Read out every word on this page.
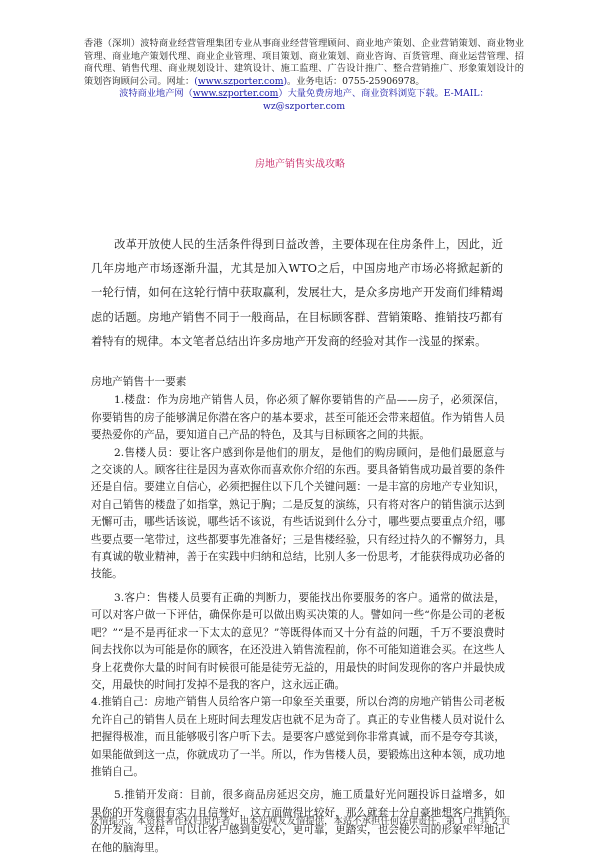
香港（深圳）波特商业经营管理集团专业从事商业经营管理顾问、商业地产策划、企业营销策划、商业物业管理、商业地产策划代理、商业企业管理、项目策划、商业策划、商业咨询、百货管理、商业运营管理、招商代理、销售代理、商业规划设计、建筑设计、施工监理、广告设计推广、整合营销推广、形象策划设计的策划咨询顾问公司。网址：(www.szporter.com)。业务电话：0755-25906978。
波特商业地产网（www.szporter.com）大量免费房地产、商业资料浏览下载。E-MAIL：wz@szporter.com
房地产销售实战攻略
改革开放使人民的生活条件得到日益改善，主要体现在住房条件上，因此，近几年房地产市场逐渐升温，尤其是加入WTO之后，中国房地产市场必将掀起新的一轮行情，如何在这轮行情中获取赢利，发展壮大，是众多房地产开发商们绯精竭虑的话题。房地产销售不同于一般商品，在目标顾客群、营销策略、推销技巧都有着特有的规律。本文笔者总结出许多房地产开发商的经验对其作一浅显的探索。

房地产销售十一要素

1.楼盘：作为房地产销售人员，你必须了解你要销售的产品——房子，必须深信，你要销售的房子能够满足你潜在客户的基本要求，甚至可能还会带来超值。作为销售人员要热爱你的产品，要知道自己产品的特色，及其与目标顾客之间的共振。

2.售楼人员：要让客户感到你是他们的朋友，是他们的购房顾问，是他们最愿意与之交谈的人。顾客往往是因为喜欢你而喜欢你介绍的东西。要具备销售成功最首要的条件还是自信。要建立自信心，必须把握住以下几个关键问题：一是丰富的房地产专业知识，对自己销售的楼盘了如指掌，熟记于胸；二是反复的演练，只有将对客户的销售演示达到无懈可击，哪些话该说，哪些话不该说，有些话说到什么分寸，哪些要点要重点介绍，哪些要点要一笔带过，这些都要事先准备好；三是售楼经验，只有经过持久的不懈努力，具有真诚的敬业精神，善于在实践中归纳和总结，比别人多一份思考，才能获得成功必备的技能。

3.客户：售楼人员要有正确的判断力，要能找出你要服务的客户。通常的做法是，可以对客户做一下评估，确保你是可以做出购买决策的人。譬如问一些“你是公司的老板吧？”“是不是再征求一下太太的意见？”等既得体而又十分有益的问题，千万不要浪费时间去找你以为可能是你的顾客，在还没进入销售流程前，你不可能知道谁会买。在这些人身上花费你大量的时间有时候很可能是徒劳无益的，用最快的时间发现你的客户并最快成交，用最快的时间打发掉不是我的客户，这永远正确。

4.推销自己：房地产销售人员给客户第一印象至关重要，所以台湾的房地产销售公司老板允许自己的销售人员在上班时间去理发店也就不足为奇了。真正的专业售楼人员对说什么把握得极准，而且能够吸引客户听下去。是要客户感觉到你非常真诚，而不是夸夸其谈，如果能做到这一点，你就成功了一半。所以，作为售楼人员，要锻炼出这种本领，成功地推销自己。

5.推销开发商：目前，很多商品房延迟交房，施工质量好光问题投诉日益增多，如果你的开发商很有实力且信誉好，这方面做得比较好，那么就套十分自豪地想客户推销你的开发商，这样，可以让客户感到更安心，更可靠，更踏实，也会使公司的形象牢牢地记在他的脑海里。

友情提示：本资料著作权归原作者，由本站网友友情提供，本站不承担任何法律责任。第 1 页 共 2 页
